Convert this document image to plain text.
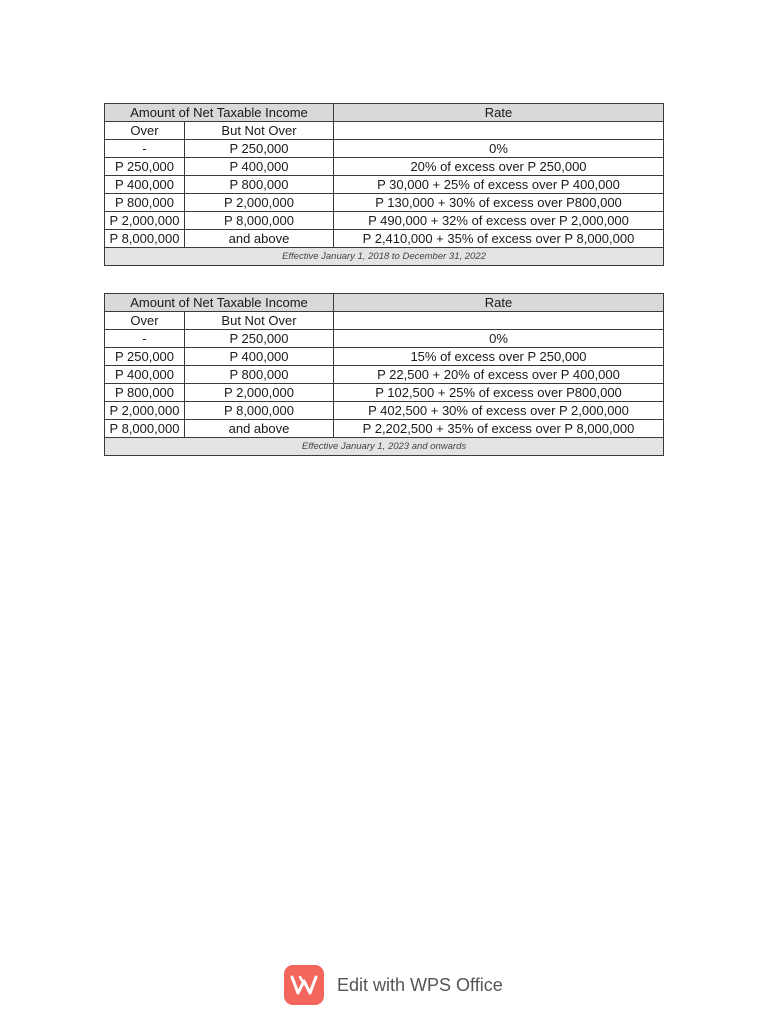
Amount of Net Taxable Income		Rate
Over	But Not Over	
-	P 250,000	0%
P 250,000	P 400,000	20% of excess over P 250,000
P 400,000	P 800,000	P 30,000 + 25% of excess over P 400,000
P 800,000	P 2,000,000	P 130,000 + 30% of excess over P800,000
P 2,000,000	P 8,000,000	P 490,000 + 32% of excess over P 2,000,000
P 8,000,000	and above	P 2,410,000 + 35% of excess over P 8,000,000
Effective January 1, 2018 to December 31, 2022		
Amount of Net Taxable Income		Rate
Over	But Not Over	
-	P 250,000	0%
P 250,000	P 400,000	15% of excess over P 250,000
P 400,000	P 800,000	P 22,500 + 20% of excess over P 400,000
P 800,000	P 2,000,000	P 102,500 + 25% of excess over P800,000
P 2,000,000	P 8,000,000	P 402,500 + 30% of excess over P 2,000,000
P 8,000,000	and above	P 2,202,500 + 35% of excess over P 8,000,000
Effective January 1, 2023 and onwards		
Edit with WPS Office
